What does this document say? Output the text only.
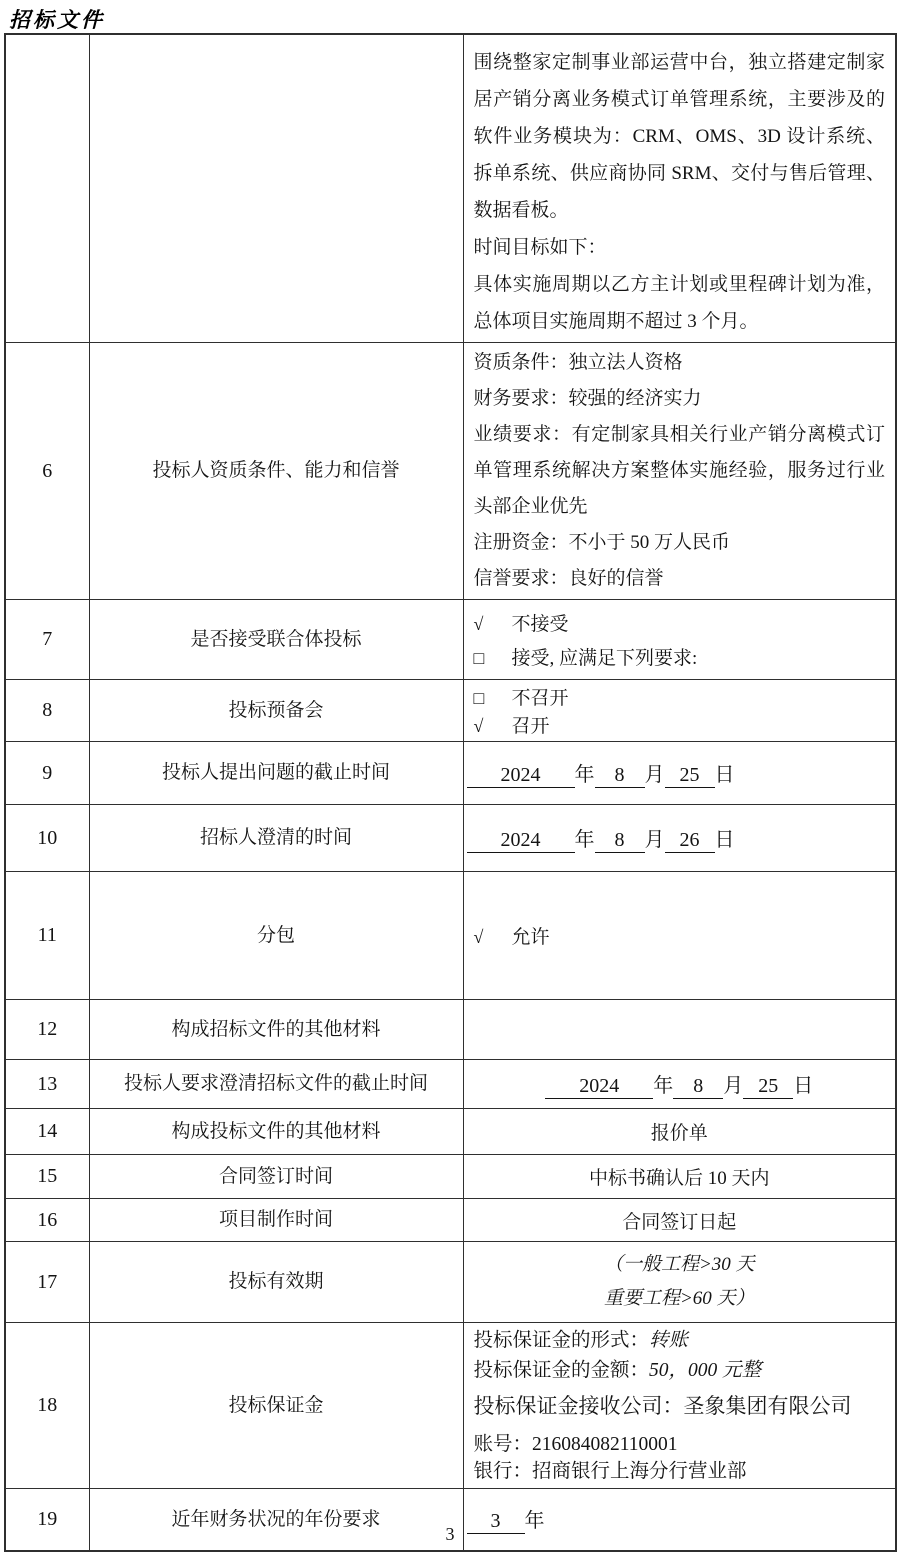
招标文件

		围绕整家定制事业部运营中台，独立搭建定制家居产销分离业务模式订单管理系统，主要涉及的软件业务模块为：CRM、OMS、3D 设计系统、拆单系统、供应商协同 SRM、交付与售后管理、数据看板。

时间目标如下：

具体实施周期以乙方主计划或里程碑计划为准，总体项目实施周期不超过 3 个月。

6	投标人资质条件、能力和信誉	资质条件：独立法人资格

财务要求：较强的经济实力

业绩要求：有定制家具相关行业产销分离模式订单管理系统解决方案整体实施经验，服务过行业头部企业优先

注册资金：不小于 50 万人民币

信誉要求：良好的信誉

7	是否接受联合体投标	√ 不接受

□ 接受, 应满足下列要求:

8	投标预备会	□ 不召开

√ 召开

9	投标人提出问题的截止时间	2024 年 8 月 25 日

10	招标人澄清的时间	2024 年 8 月 26 日

11	分包	√ 允许

12	构成招标文件的其他材料	
13	投标人要求澄清招标文件的截止时间	2024 年 8 月 25 日

14	构成投标文件的其他材料	报价单
15	合同签订时间	中标书确认后 10 天内
16	项目制作时间	合同签订日起
17	投标有效期	（一般工程>30 天

重要工程>60 天）

18	投标保证金	投标保证金的形式：转账

投标保证金的金额：50，000 元整

投标保证金接收公司：圣象集团有限公司

账号：216084082110001

银行：招商银行上海分行营业部

19	近年财务状况的年份要求	3 年

3
